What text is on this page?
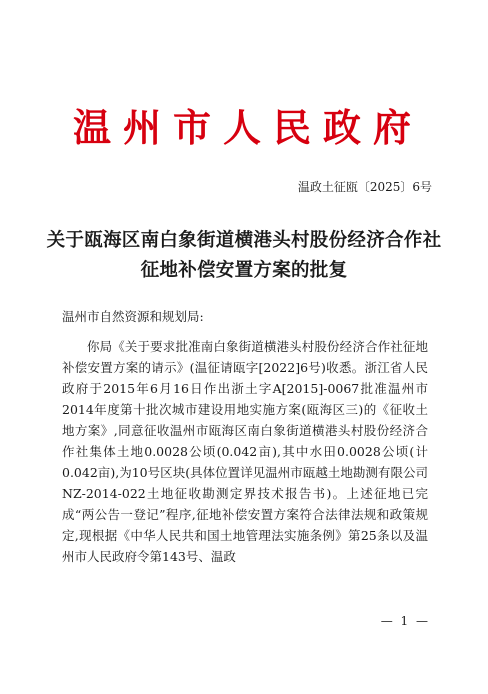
温州市人民政府
温政土征瓯〔2025〕6号
关于瓯海区南白象街道横港头村股份经济合作社征地补偿安置方案的批复
温州市自然资源和规划局:

你局《关于要求批准南白象街道横港头村股份经济合作社征地补偿安置方案的请示》(温征请瓯字[2022]6号)收悉。浙江省人民政府于2015年6月16日作出浙土字A[2015]-0067批准温州市2014年度第十批次城市建设用地实施方案(瓯海区三)的《征收土地方案》,同意征收温州市瓯海区南白象街道横港头村股份经济合作社集体土地0.0028公顷(0.042亩),其中水田0.0028公顷(计0.042亩),为10号区块(具体位置详见温州市瓯越土地勘测有限公司NZ-2014-022土地征收勘测定界技术报告书)。上述征地已完成“两公告一登记”程序,征地补偿安置方案符合法律法规和政策规定,现根据《中华人民共和国土地管理法实施条例》第25条以及温州市人民政府令第143号、温政

— 1 —
